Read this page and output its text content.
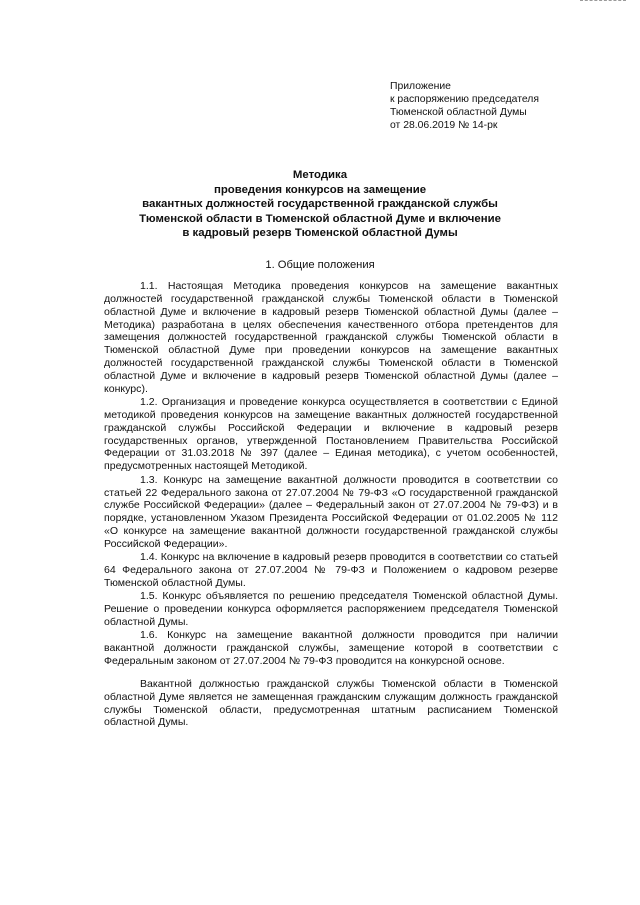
Приложение
к распоряжению председателя
Тюменской областной Думы
от 28.06.2019 № 14-рк
Методика
проведения конкурсов на замещение
вакантных должностей государственной гражданской службы
Тюменской области в Тюменской областной Думе и включение
в кадровый резерв Тюменской областной Думы
1. Общие положения

1.1. Настоящая Методика проведения конкурсов на замещение вакантных должностей государственной гражданской службы Тюменской области в Тюменской областной Думе и включение в кадровый резерв Тюменской областной Думы (далее – Методика) разработана в целях обеспечения качественного отбора претендентов для замещения должностей государственной гражданской службы Тюменской области в Тюменской областной Думе при проведении конкурсов на замещение вакантных должностей государственной гражданской службы Тюменской области в Тюменской областной Думе и включение в кадровый резерв Тюменской областной Думы (далее – конкурс).

1.2. Организация и проведение конкурса осуществляется в соответствии с Единой методикой проведения конкурсов на замещение вакантных должностей государственной гражданской службы Российской Федерации и включение в кадровый резерв государственных органов, утвержденной Постановлением Правительства Российской Федерации от 31.03.2018 № 397 (далее – Единая методика), с учетом особенностей, предусмотренных настоящей Методикой.

1.3. Конкурс на замещение вакантной должности проводится в соответствии со статьей 22 Федерального закона от 27.07.2004 № 79-ФЗ «О государственной гражданской службе Российской Федерации» (далее – Федеральный закон от 27.07.2004 № 79-ФЗ) и в порядке, установленном Указом Президента Российской Федерации от 01.02.2005 № 112 «О конкурсе на замещение вакантной должности государственной гражданской службы Российской Федерации».

1.4. Конкурс на включение в кадровый резерв проводится в соответствии со статьей 64 Федерального закона от 27.07.2004 № 79-ФЗ и Положением о кадровом резерве Тюменской областной Думы.

1.5. Конкурс объявляется по решению председателя Тюменской областной Думы. Решение о проведении конкурса оформляется распоряжением председателя Тюменской областной Думы.

1.6. Конкурс на замещение вакантной должности проводится при наличии вакантной должности гражданской службы, замещение которой в соответствии с Федеральным законом от 27.07.2004 № 79-ФЗ проводится на конкурсной основе.

Вакантной должностью гражданской службы Тюменской области в Тюменской областной Думе является не замещенная гражданским служащим должность гражданской службы Тюменской области, предусмотренная штатным расписанием Тюменской областной Думы.
